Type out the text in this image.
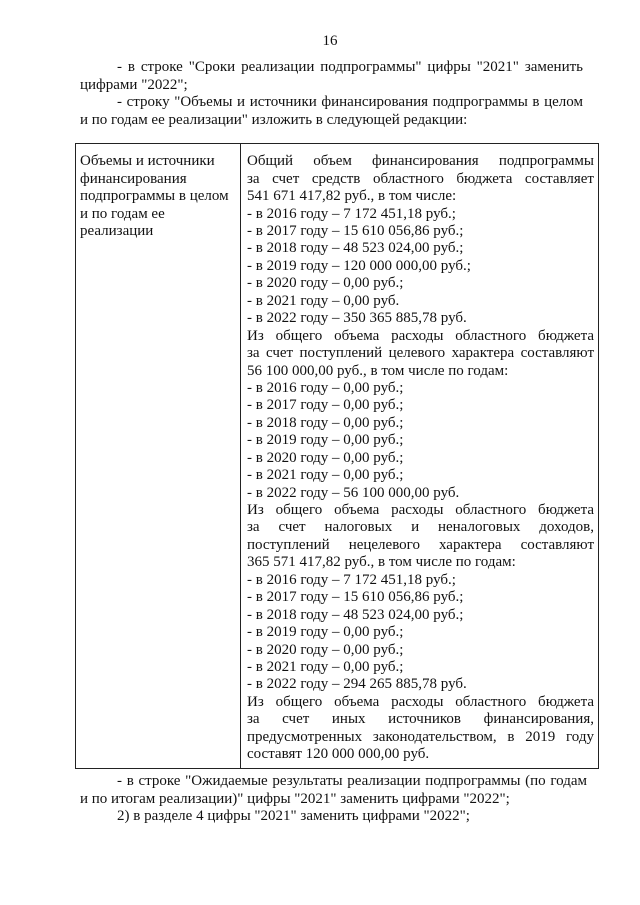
16
- в строке "Сроки реализации подпрограммы" цифры "2021" заменить
цифрами "2022";
- строку "Объемы и источники финансирования подпрограммы в целом
и по годам ее реализации" изложить в следующей редакции:
Объемы и источники
финансирования
подпрограммы в целом
и по годам ее
реализации
Общий объем финансирования подпрограммы
за счет средств областного бюджета составляет
541 671 417,82 руб., в том числе:
- в 2016 году – 7 172 451,18 руб.;
- в 2017 году – 15 610 056,86 руб.;
- в 2018 году – 48 523 024,00 руб.;
- в 2019 году – 120 000 000,00 руб.;
- в 2020 году – 0,00 руб.;
- в 2021 году – 0,00 руб.
- в 2022 году – 350 365 885,78 руб.
Из общего объема расходы областного бюджета
за счет поступлений целевого характера составляют
56 100 000,00 руб., в том числе по годам:
- в 2016 году – 0,00 руб.;
- в 2017 году – 0,00 руб.;
- в 2018 году – 0,00 руб.;
- в 2019 году – 0,00 руб.;
- в 2020 году – 0,00 руб.;
- в 2021 году – 0,00 руб.;
- в 2022 году – 56 100 000,00 руб.
Из общего объема расходы областного бюджета
за счет налоговых и неналоговых доходов,
поступлений нецелевого характера составляют
365 571 417,82 руб., в том числе по годам:
- в 2016 году – 7 172 451,18 руб.;
- в 2017 году – 15 610 056,86 руб.;
- в 2018 году – 48 523 024,00 руб.;
- в 2019 году – 0,00 руб.;
- в 2020 году – 0,00 руб.;
- в 2021 году – 0,00 руб.;
- в 2022 году – 294 265 885,78 руб.
Из общего объема расходы областного бюджета
за счет иных источников финансирования,
предусмотренных законодательством, в 2019 году
составят 120 000 000,00 руб.
- в строке "Ожидаемые результаты реализации подпрограммы (по годам
и по итогам реализации)" цифры "2021" заменить цифрами "2022";
2) в разделе 4 цифры "2021" заменить цифрами "2022";
